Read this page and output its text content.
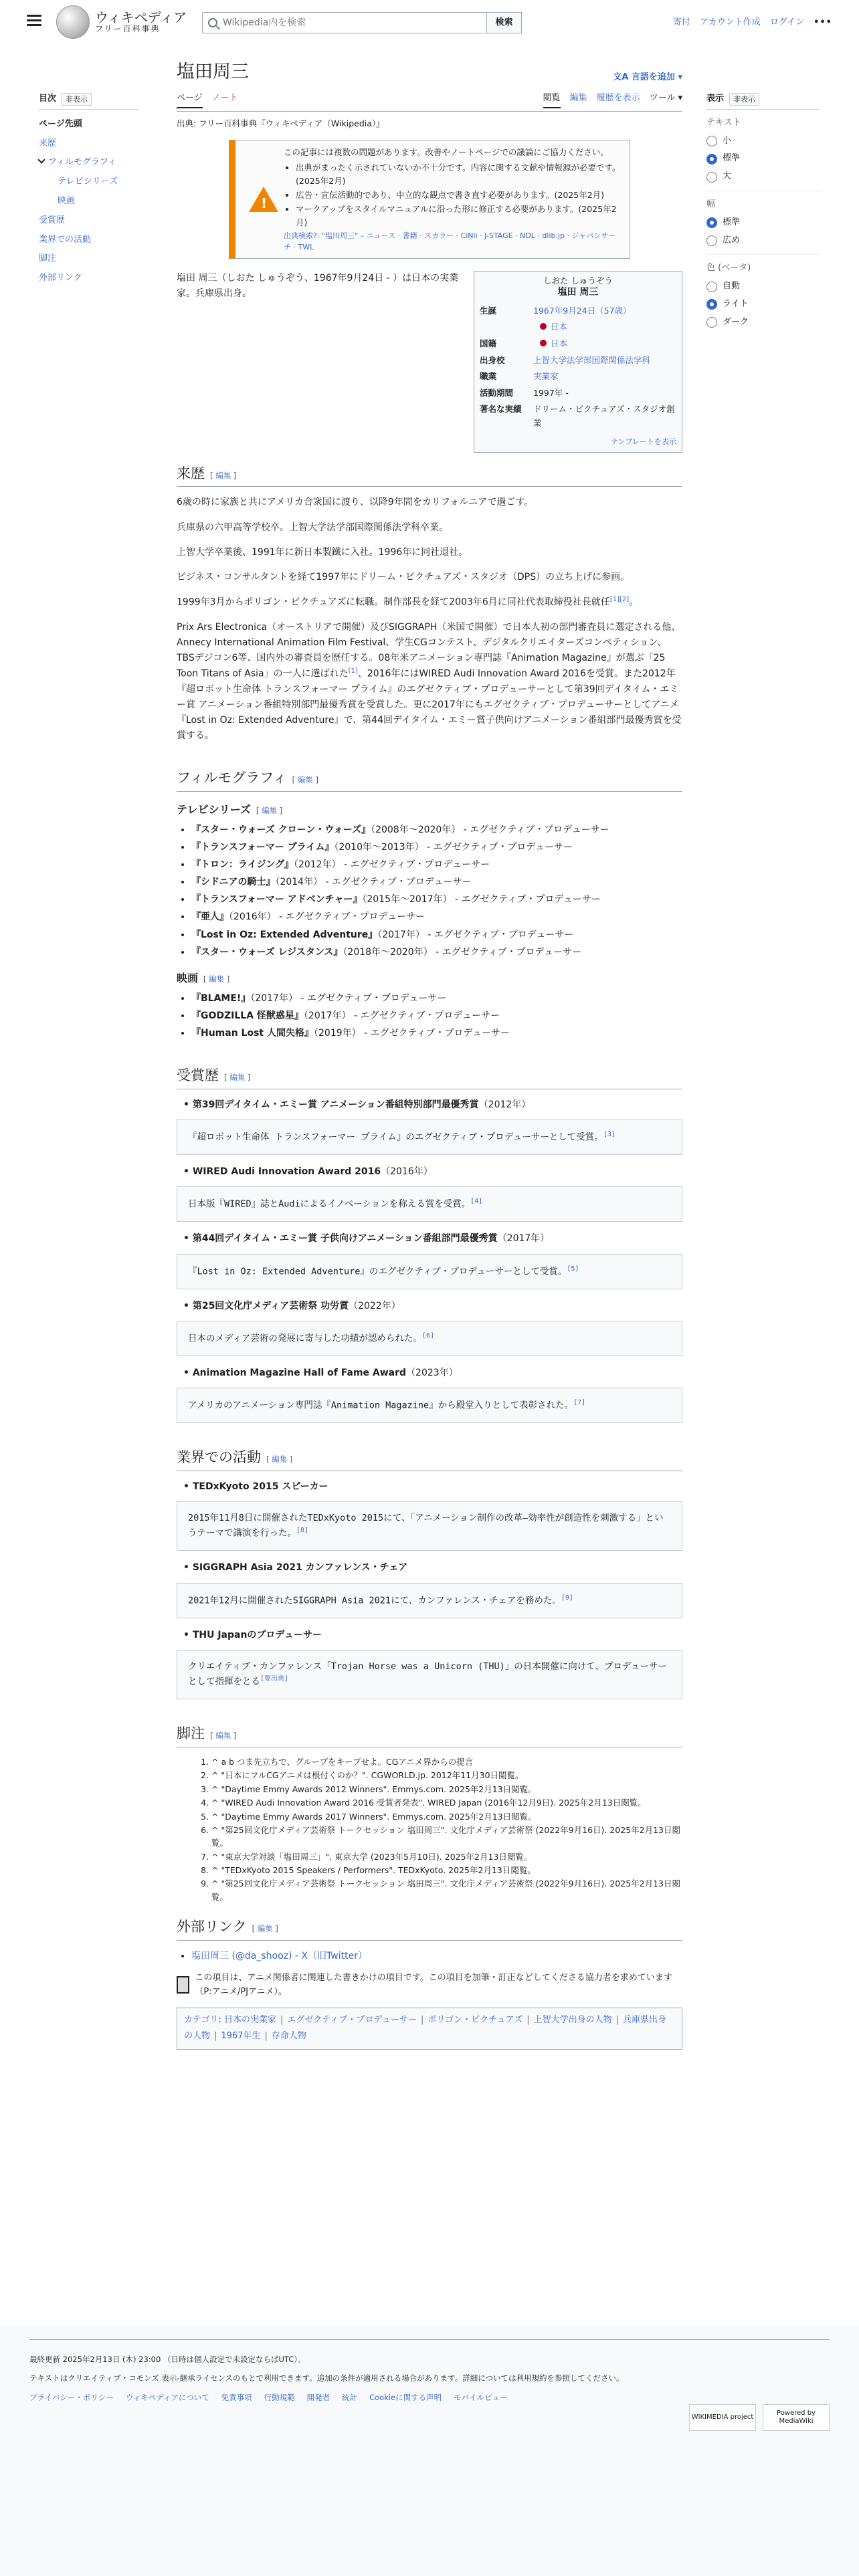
ウィキペディア
フリー百科事典
Wikipedia内を検索	検索	寄付 アカウント作成 ログイン •••
目次	非表示
ページ先頭
来歴
フィルモグラフィ
テレビシリーズ
映画
受賞歴
業界での活動
脚注
外部リンク
表示	非表示
テキスト
小
標準
大
幅
標準
広め
色 (ベータ)
自動
ライト
ダーク
塩田周三	文A 言語を追加 ▾
ページ ノート	閲覧 編集 履歴を表示 ツール ▾
出典: フリー百科事典『ウィキペディア（Wikipedia）』
!
この記事には複数の問題があります。改善やノートページでの議論にご協力ください。
• 出典がまったく示されていないか不十分です。内容に関する文献や情報源が必要です。(2025年2月)
• 広告・宣伝活動的であり、中立的な観点で書き直す必要があります。(2025年2月)
• マークアップをスタイルマニュアルに沿った形に修正する必要があります。(2025年2月)
出典検索?: "塩田周三" – ニュース · 書籍 · スカラー · CiNii · J-STAGE · NDL · dlib.jp · ジャパンサーチ · TWL
しおた しゅうぞう
塩田 周三
生誕	1967年9月24日（57歳）
	日本
国籍	日本
出身校	上智大学法学部国際関係法学科
職業	実業家
活動期間	1997年 -
著名な実績	ドリーム・ピクチュアズ・スタジオ創業
テンプレートを表示

塩田 周三（しおた しゅうぞう、1967年9月24日 - ）は日本の実業家。兵庫県出身。

来歴 [ 編集 ]

6歳の時に家族と共にアメリカ合衆国に渡り、以降9年間をカリフォルニアで過ごす。

兵庫県の六甲高等学校卒。上智大学法学部国際関係法学科卒業。

上智大学卒業後、1991年に新日本製鐵に入社。1996年に同社退社。

ビジネス・コンサルタントを経て1997年にドリーム・ピクチュアズ・スタジオ（DPS）の立ち上げに参画。

1999年3月からポリゴン・ピクチュアズに転職。制作部長を経て2003年6月に同社代表取締役社長就任[1][2]。

Prix Ars Electronica（オーストリアで開催）及びSIGGRAPH（米国で開催）で日本人初の部門審査員に選定される他、Annecy International Animation Film Festival、学生CGコンテスト、デジタルクリエイターズコンペティション、TBSデジコン6等、国内外の審査員を歴任する。08年米アニメーション専門誌『Animation Magazine』が選ぶ「25 Toon Titans of Asia」の一人に選ばれた[1]、2016年にはWIRED Audi Innovation Award 2016を受賞。また2012年『超ロボット生命体 トランスフォーマー プライム』のエグゼクティブ・プロデューサーとして第39回デイタイム・エミー賞 アニメーション番組特別部門最優秀賞を受賞した。更に2017年にもエグゼクティブ・プロデューサーとしてアニメ『Lost in Oz: Extended Adventure』で、第44回デイタイム・エミー賞子供向けアニメーション番組部門最優秀賞を受賞する。

フィルモグラフィ [ 編集 ]
テレビシリーズ [ 編集 ]
• 『スター・ウォーズ クローン・ウォーズ』（2008年〜2020年） - エグゼクティブ・プロデューサー
• 『トランスフォーマー プライム』（2010年〜2013年） - エグゼクティブ・プロデューサー
• 『トロン：ライジング』（2012年） - エグゼクティブ・プロデューサー
• 『シドニアの騎士』（2014年） - エグゼクティブ・プロデューサー
• 『トランスフォーマー アドベンチャー』（2015年〜2017年） - エグゼクティブ・プロデューサー
• 『亜人』（2016年） - エグゼクティブ・プロデューサー
• 『Lost in Oz: Extended Adventure』（2017年） - エグゼクティブ・プロデューサー
• 『スター・ウォーズ レジスタンス』（2018年〜2020年） - エグゼクティブ・プロデューサー
映画 [ 編集 ]
• 『BLAME!』（2017年） - エグゼクティブ・プロデューサー
• 『GODZILLA 怪獣惑星』（2017年） - エグゼクティブ・プロデューサー
• 『Human Lost 人間失格』（2019年） - エグゼクティブ・プロデューサー
受賞歴 [ 編集 ]
• 第39回デイタイム・エミー賞 アニメーション番組特別部門最優秀賞（2012年）
『超ロボット生命体 トランスフォーマー プライム』のエグゼクティブ・プロデューサーとして受賞。[3]
• WIRED Audi Innovation Award 2016（2016年）
日本版『WIRED』誌とAudiによるイノベーションを称える賞を受賞。[4]
• 第44回デイタイム・エミー賞 子供向けアニメーション番組部門最優秀賞（2017年）
『Lost in Oz: Extended Adventure』のエグゼクティブ・プロデューサーとして受賞。[5]
• 第25回文化庁メディア芸術祭 功労賞（2022年）
日本のメディア芸術の発展に寄与した功績が認められた。[6]
• Animation Magazine Hall of Fame Award（2023年）
アメリカのアニメーション専門誌『Animation Magazine』から殿堂入りとして表彰された。[7]
業界での活動 [ 編集 ]
• TEDxKyoto 2015 スピーカー
2015年11月8日に開催されたTEDxKyoto 2015にて、「アニメーション制作の改革—効率性が創造性を刺激する」というテーマで講演を行った。[8]
• SIGGRAPH Asia 2021 カンファレンス・チェア
2021年12月に開催されたSIGGRAPH Asia 2021にて、カンファレンス・チェアを務めた。[9]
• THU Japanのプロデューサー
クリエイティブ・カンファレンス「Trojan Horse was a Unicorn (THU)」の日本開催に向けて、プロデューサーとして指揮をとる[要出典]
脚注 [ 編集 ]
1. ^ a b つま先立ちで、グループをキープせよ。CGアニメ界からの提言
2. ^ "日本にフルCGアニメは根付くのか？". CGWORLD.jp. 2012年11月30日閲覧。
3. ^ "Daytime Emmy Awards 2012 Winners". Emmys.com. 2025年2月13日閲覧。
4. ^ "WIRED Audi Innovation Award 2016 受賞者発表". WIRED Japan (2016年12月9日). 2025年2月13日閲覧。
5. ^ "Daytime Emmy Awards 2017 Winners". Emmys.com. 2025年2月13日閲覧。
6. ^ "第25回文化庁メディア芸術祭 トークセッション 塩田周三". 文化庁メディア芸術祭 (2022年9月16日). 2025年2月13日閲覧。
7. ^ "東京大学対談「塩田周三」". 東京大学 (2023年5月10日). 2025年2月13日閲覧。
8. ^ "TEDxKyoto 2015 Speakers / Performers". TEDxKyoto. 2025年2月13日閲覧。
9. ^ "第25回文化庁メディア芸術祭 トークセッション 塩田周三". 文化庁メディア芸術祭 (2022年9月16日). 2025年2月13日閲覧。
外部リンク [ 編集 ]
• 塩田周三 (@da_shooz) - X（旧Twitter）
この項目は、アニメ関係者に関連した書きかけの項目です。この項目を加筆・訂正などしてくださる協力者を求めています（P:アニメ/PJアニメ）。
カテゴリ: 日本の実業家 | エグゼクティブ・プロデューサー | ポリゴン・ピクチュアズ | 上智大学出身の人物 | 兵庫県出身の人物 | 1967年生 | 存命人物
最終更新 2025年2月13日 (木) 23:00 （日時は個人設定で未設定ならばUTC）。
テキストはクリエイティブ・コモンズ 表示-継承ライセンスのもとで利用できます。追加の条件が適用される場合があります。詳細については利用規約を参照してください。
プライバシー・ポリシー ウィキペディアについて 免責事項 行動規範 開発者 統計 Cookieに関する声明 モバイルビュー
WIKIMEDIA project
Powered by MediaWiki
